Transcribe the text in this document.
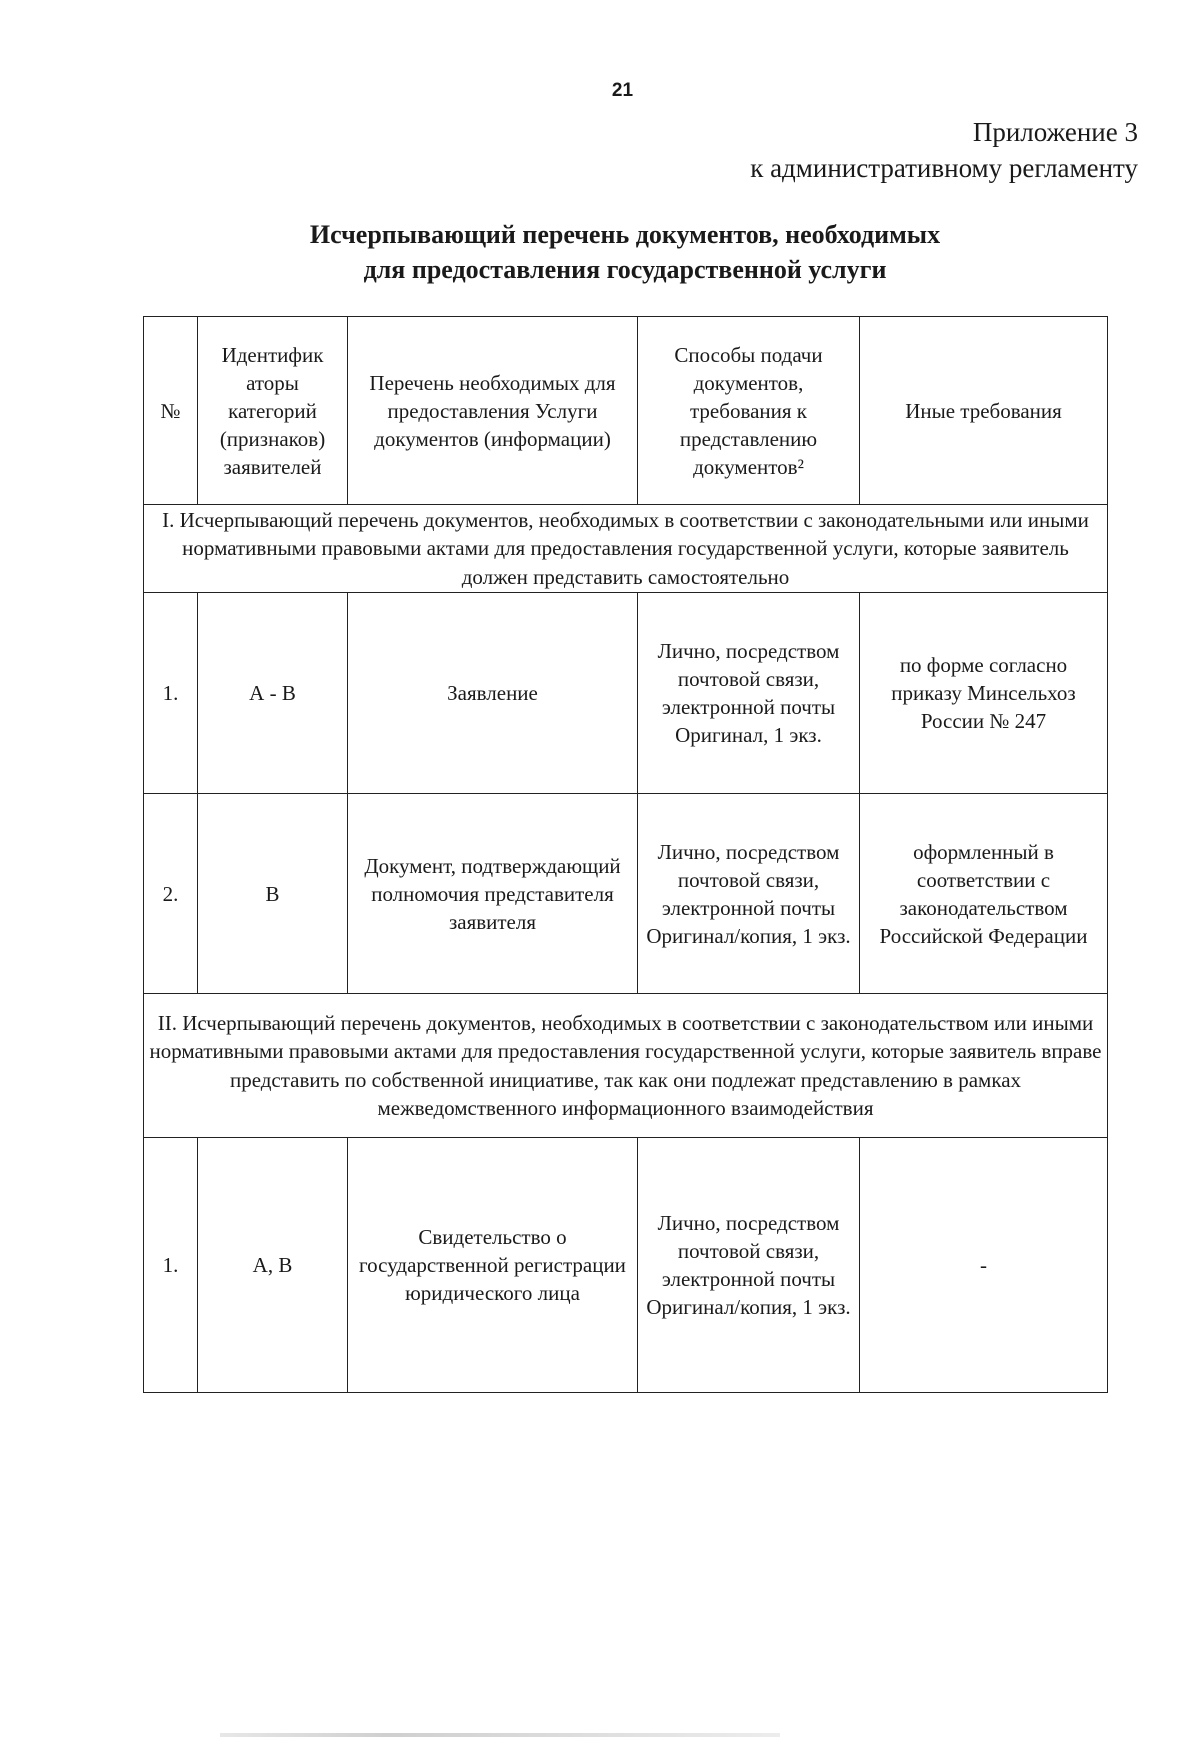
21
Приложение 3
к административному регламенту
Исчерпывающий перечень документов, необходимых
для предоставления государственной услуги
№	Идентифик аторы категорий (признаков) заявителей	Перечень необходимых для предоставления Услуги документов (информации)	Способы подачи документов, требования к представлению документов²	Иные требования
I. Исчерпывающий перечень документов, необходимых в соответствии с законодательными или иными нормативными правовыми актами для предоставления государственной услуги, которые заявитель должен представить самостоятельно				
1.	А - В	Заявление	Лично, посредством почтовой связи, электронной почты Оригинал, 1 экз.	по форме согласно приказу Минсельхоз России № 247
2.	В	Документ, подтверждающий полномочия представителя заявителя	Лично, посредством почтовой связи, электронной почты Оригинал/копия, 1 экз.	оформленный в соответствии с законодательством Российской Федерации
II. Исчерпывающий перечень документов, необходимых в соответствии с законодательством или иными нормативными правовыми актами для предоставления государственной услуги, которые заявитель вправе представить по собственной инициативе, так как они подлежат представлению в рамках межведомственного информационного взаимодействия				
1.	А, В	Свидетельство о государственной регистрации юридического лица	Лично, посредством почтовой связи, электронной почты Оригинал/копия, 1 экз.	-
